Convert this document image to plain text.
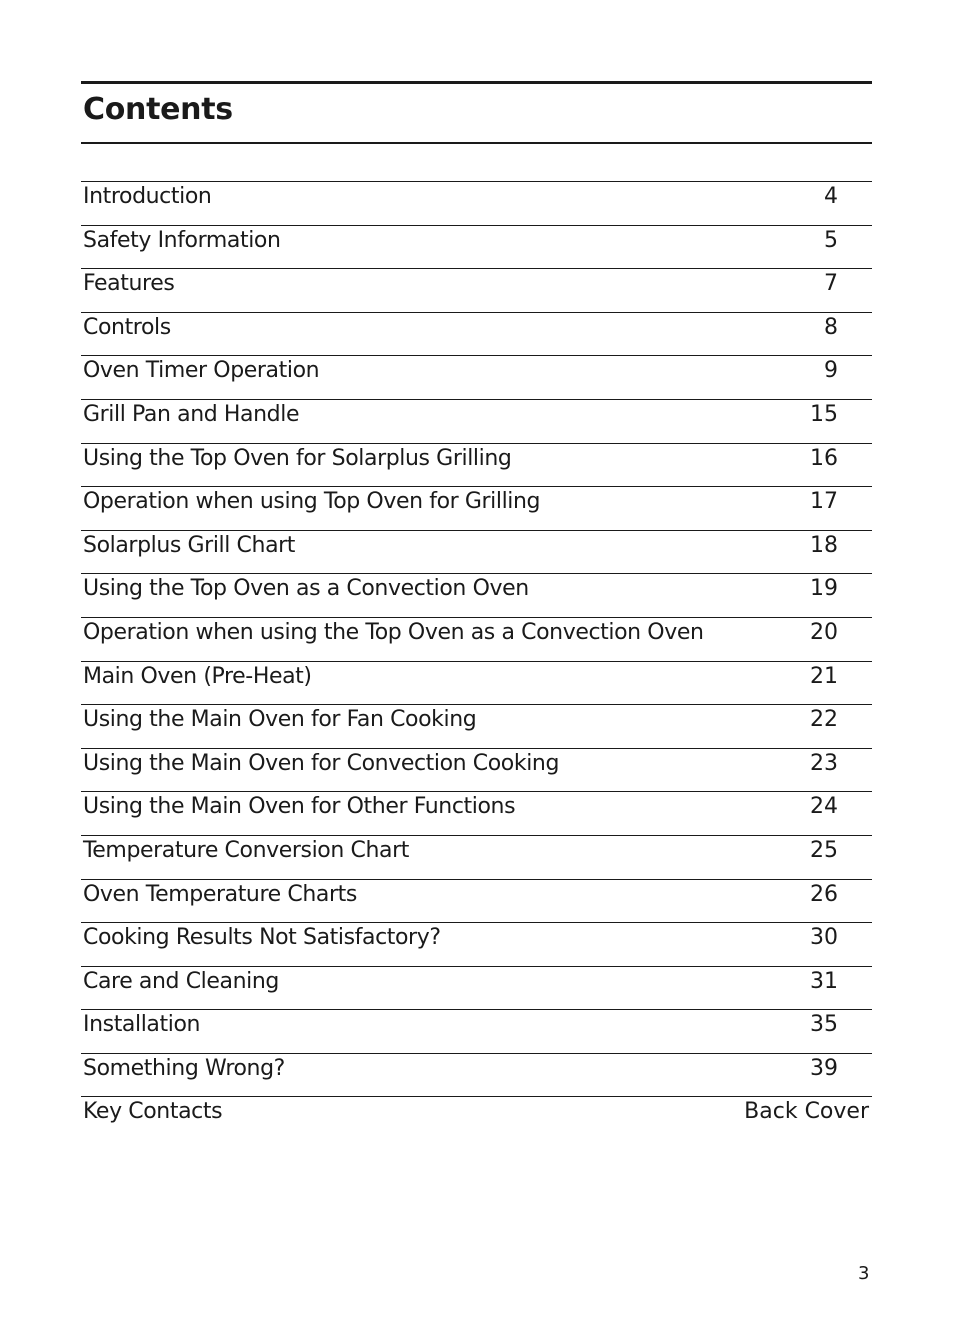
Contents
Introduction	4
Safety Information	5
Features	7
Controls	8
Oven Timer Operation	9
Grill Pan and Handle	15
Using the Top Oven for Solarplus Grilling	16
Operation when using Top Oven for Grilling	17
Solarplus Grill Chart	18
Using the Top Oven as a Convection Oven	19
Operation when using the Top Oven as a Convection Oven	20
Main Oven (Pre-Heat)	21
Using the Main Oven for Fan Cooking	22
Using the Main Oven for Convection Cooking	23
Using the Main Oven for Other Functions	24
Temperature Conversion Chart	25
Oven Temperature Charts	26
Cooking Results Not Satisfactory?	30
Care and Cleaning	31
Installation	35
Something Wrong?	39
Key Contacts	Back Cover
3
